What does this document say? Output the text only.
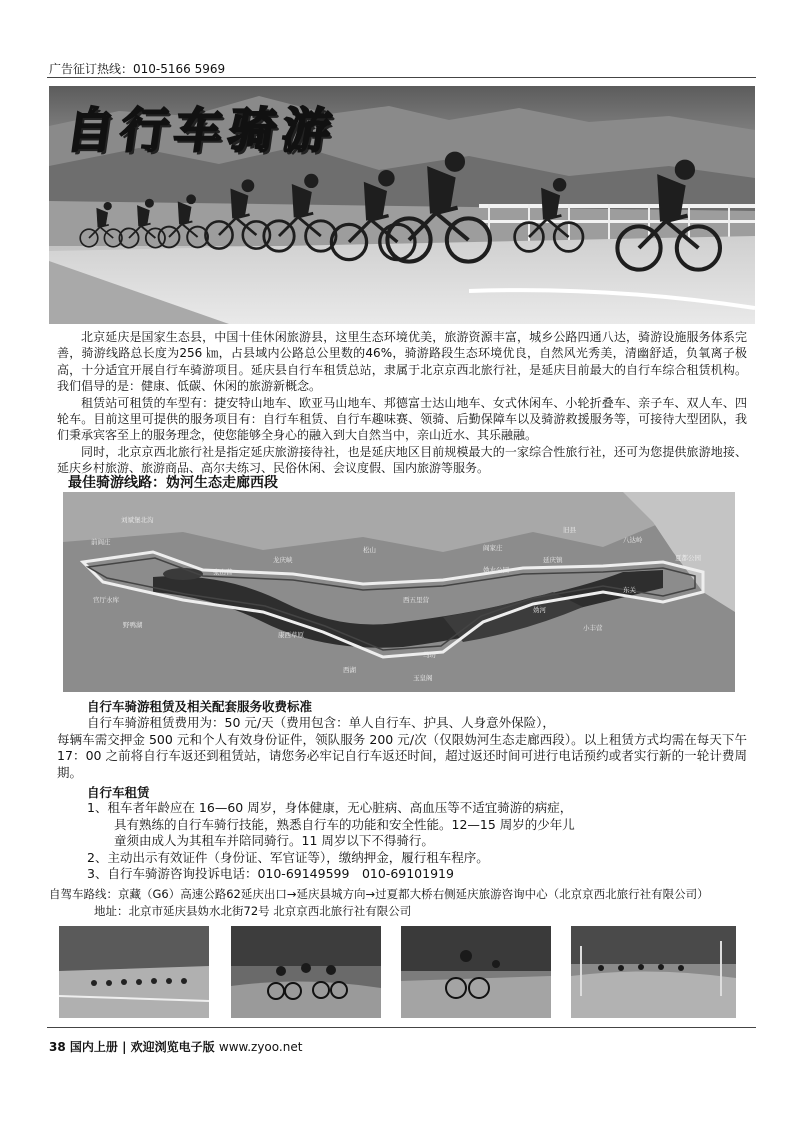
广告征订热线：010-5166 5969
自行车骑游

北京延庆是国家生态县，中国十佳休闲旅游县，这里生态环境优美，旅游资源丰富，城乡公路四通八达，骑游设施服务体系完善，骑游线路总长度为256 ㎞，占县域内公路总公里数的46%，骑游路段生态环境优良，自然风光秀美，清幽舒适，负氧离子极高，十分适宜开展自行车骑游项目。延庆县自行车租赁总站，隶属于北京京西北旅行社，是延庆目前最大的自行车综合租赁机构。我们倡导的是：健康、低碳、休闲的旅游新概念。

租赁站可租赁的车型有：捷安特山地车、欧亚马山地车、邦德富士达山地车、女式休闲车、小轮折叠车、亲子车、双人车、四轮车。目前这里可提供的服务项目有：自行车租赁、自行车趣味赛、领骑、后勤保障车以及骑游救援服务等，可接待大型团队，我们秉承宾客至上的服务理念，使您能够全身心的融入到大自然当中，亲山近水、其乐融融。

同时，北京京西北旅行社是指定延庆旅游接待社，也是延庆地区目前规模最大的一家综合性旅行社，还可为您提供旅游地接、延庆乡村旅游、旅游商品、高尔夫练习、民俗休闲、会议度假、国内旅游等服务。

最佳骑游线路：妫河生态走廊西段
刘斌堡北沟
前阎庄
张山营
龙庆峡
官厅水库
松山
野鸭湖
妫水公园
延庆镇
八达岭
康西草原
夏都公园
小丰营
阎家庄
西五里营
东关
马坊
西湖
妫河
旧县
玉皇阁
自行车骑游租赁及相关配套服务收费标准

自行车骑游租赁费用为：50 元/天（费用包含：单人自行车、护具、人身意外保险），

每辆车需交押金 500 元和个人有效身份证件，领队服务 200 元/次（仅限妫河生态走廊西段）。以上租赁方式均需在每天下午 17：00 之前将自行车返还到租赁站，请您务必牢记自行车返还时间，超过返还时间可进行电话预约或者实行新的一轮计费周期。

自行车租赁
1、租车者年龄应在 16—60 周岁，身体健康，无心脏病、高血压等不适宜骑游的病症，
具有熟练的自行车骑行技能，熟悉自行车的功能和安全性能。12—15 周岁的少年儿
童须由成人为其租车并陪同骑行。11 周岁以下不得骑行。
2、主动出示有效证件（身份证、军官证等），缴纳押金，履行租车程序。
3、自行车骑游咨询投诉电话：010-69149599　010-69101919
自驾车路线：京藏（G6）高速公路62延庆出口→延庆县城方向→过夏都大桥右侧延庆旅游咨询中心（北京京西北旅行社有限公司）
地址：北京市延庆县妫水北街72号 北京京西北旅行社有限公司
38 国内上册 | 欢迎浏览电子版 www.zyoo.net
